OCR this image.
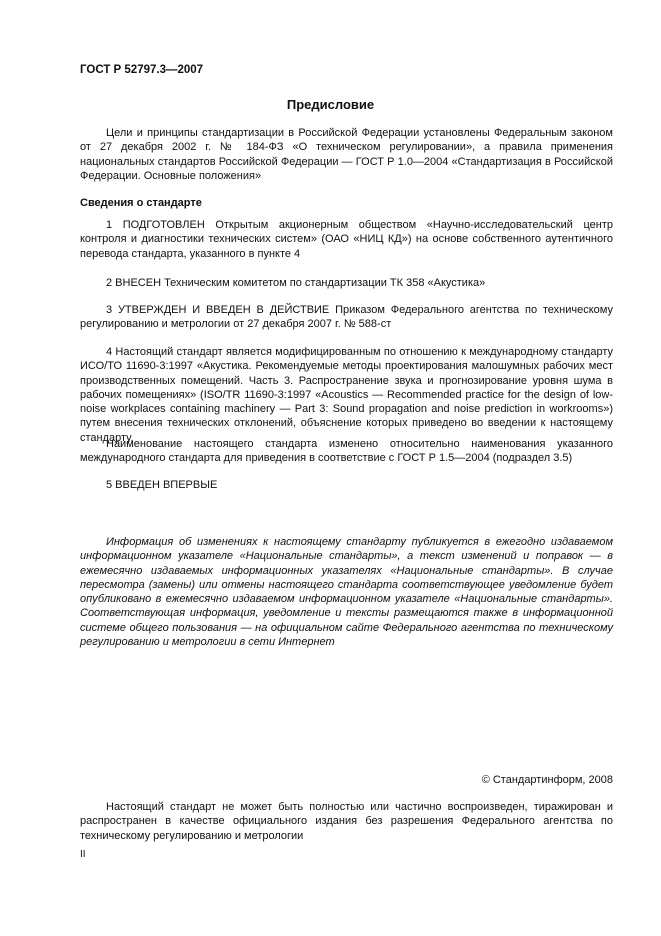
ГОСТ Р 52797.3—2007
Предисловие
Цели и принципы стандартизации в Российской Федерации установлены Федеральным законом от 27 декабря 2002 г. № 184-ФЗ «О техническом регулировании», а правила применения национальных стандартов Российской Федерации — ГОСТ Р 1.0—2004 «Стандартизация в Российской Федерации. Основные положения»
Сведения о стандарте
1 ПОДГОТОВЛЕН Открытым акционерным обществом «Научно-исследовательский центр контроля и диагностики технических систем» (ОАО «НИЦ КД») на основе собственного аутентичного перевода стандарта, указанного в пункте 4
2 ВНЕСЕН Техническим комитетом по стандартизации ТК 358 «Акустика»
3 УТВЕРЖДЕН И ВВЕДЕН В ДЕЙСТВИЕ Приказом Федерального агентства по техническому регулированию и метрологии от 27 декабря 2007 г. № 588-ст
4 Настоящий стандарт является модифицированным по отношению к международному стандарту ИСО/ТО 11690-3:1997 «Акустика. Рекомендуемые методы проектирования малошумных рабочих мест производственных помещений. Часть 3. Распространение звука и прогнозирование уровня шума в рабочих помещениях» (ISO/TR 11690-3:1997 «Acoustics — Recommended practice for the design of low-noise workplaces containing machinery — Part 3: Sound propagation and noise prediction in workrooms») путем внесения технических отклонений, объяснение которых приведено во введении к настоящему стандарту.
Наименование настоящего стандарта изменено относительно наименования указанного международного стандарта для приведения в соответствие с ГОСТ Р 1.5—2004 (подраздел 3.5)
5 ВВЕДЕН ВПЕРВЫЕ
Информация об изменениях к настоящему стандарту публикуется в ежегодно издаваемом информационном указателе «Национальные стандарты», а текст изменений и поправок — в ежемесячно издаваемых информационных указателях «Национальные стандарты». В случае пересмотра (замены) или отмены настоящего стандарта соответствующее уведомление будет опубликовано в ежемесячно издаваемом информационном указателе «Национальные стандарты». Соответствующая информация, уведомление и тексты размещаются также в информационной системе общего пользования — на официальном сайте Федерального агентства по техническому регулированию и метрологии в сети Интернет
© Стандартинформ, 2008
Настоящий стандарт не может быть полностью или частично воспроизведен, тиражирован и распространен в качестве официального издания без разрешения Федерального агентства по техническому регулированию и метрологии
II
